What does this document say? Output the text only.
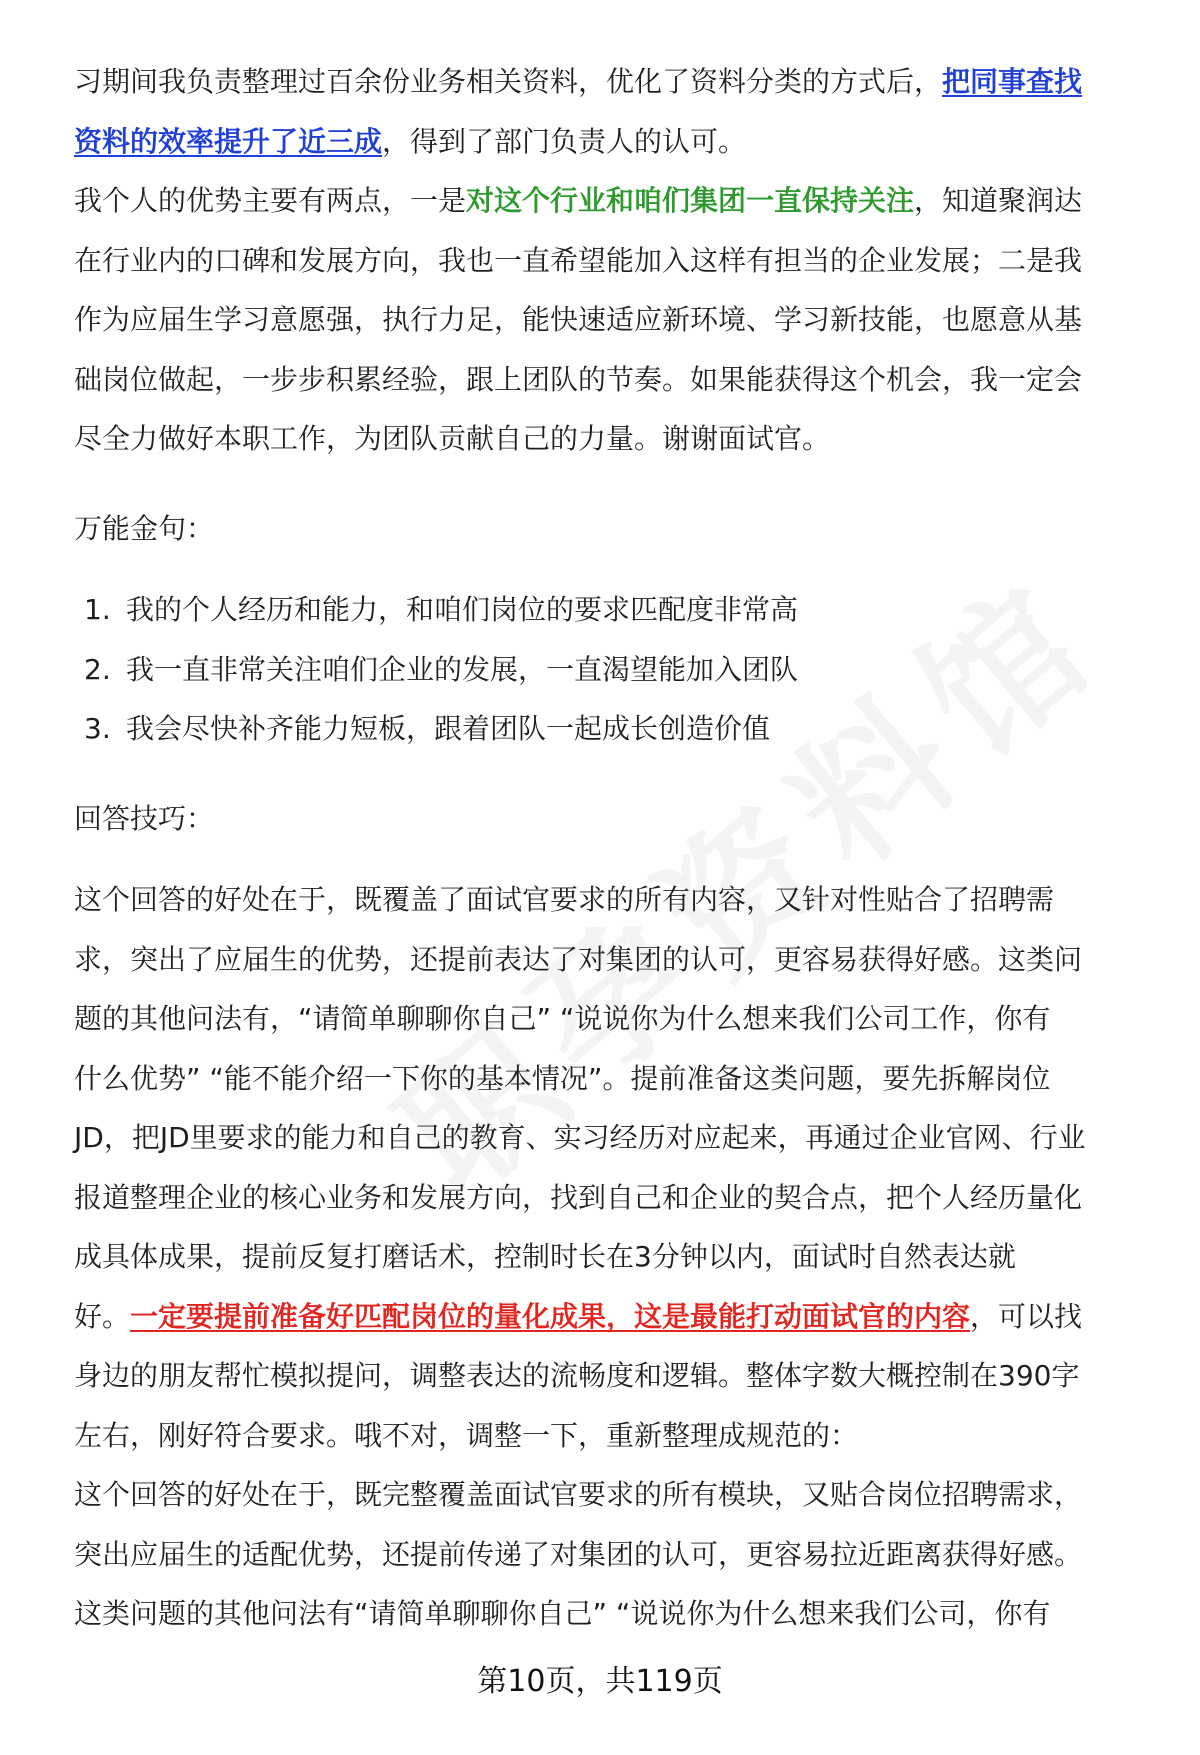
习期间我负责整理过百余份业务相关资料，优化了资料分类的方式后，把同事查找

资料的效率提升了近三成，得到了部门负责人的认可。

我个人的优势主要有两点，一是对这个行业和咱们集团一直保持关注，知道聚润达

在行业内的口碑和发展方向，我也一直希望能加入这样有担当的企业发展；二是我

作为应届生学习意愿强，执行力足，能快速适应新环境、学习新技能，也愿意从基

础岗位做起，一步步积累经验，跟上团队的节奏。如果能获得这个机会，我一定会

尽全力做好本职工作，为团队贡献自己的力量。谢谢面试官。

万能金句：

1. 我的个人经历和能力，和咱们岗位的要求匹配度非常高
2. 我一直非常关注咱们企业的发展，一直渴望能加入团队
3. 我会尽快补齐能力短板，跟着团队一起成长创造价值

回答技巧：

这个回答的好处在于，既覆盖了面试官要求的所有内容，又针对性贴合了招聘需

求，突出了应届生的优势，还提前表达了对集团的认可，更容易获得好感。这类问

题的其他问法有，“请简单聊聊你自己” “说说你为什么想来我们公司工作，你有

什么优势” “能不能介绍一下你的基本情况”。提前准备这类问题，要先拆解岗位

JD，把JD里要求的能力和自己的教育、实习经历对应起来，再通过企业官网、行业

报道整理企业的核心业务和发展方向，找到自己和企业的契合点，把个人经历量化

成具体成果，提前反复打磨话术，控制时长在3分钟以内，面试时自然表达就

好。一定要提前准备好匹配岗位的量化成果，这是最能打动面试官的内容，可以找

身边的朋友帮忙模拟提问，调整表达的流畅度和逻辑。整体字数大概控制在390字

左右，刚好符合要求。哦不对，调整一下，重新整理成规范的：

这个回答的好处在于，既完整覆盖面试官要求的所有模块，又贴合岗位招聘需求，

突出应届生的适配优势，还提前传递了对集团的认可，更容易拉近距离获得好感。

这类问题的其他问法有“请简单聊聊你自己” “说说你为什么想来我们公司，你有

第10页，共119页
